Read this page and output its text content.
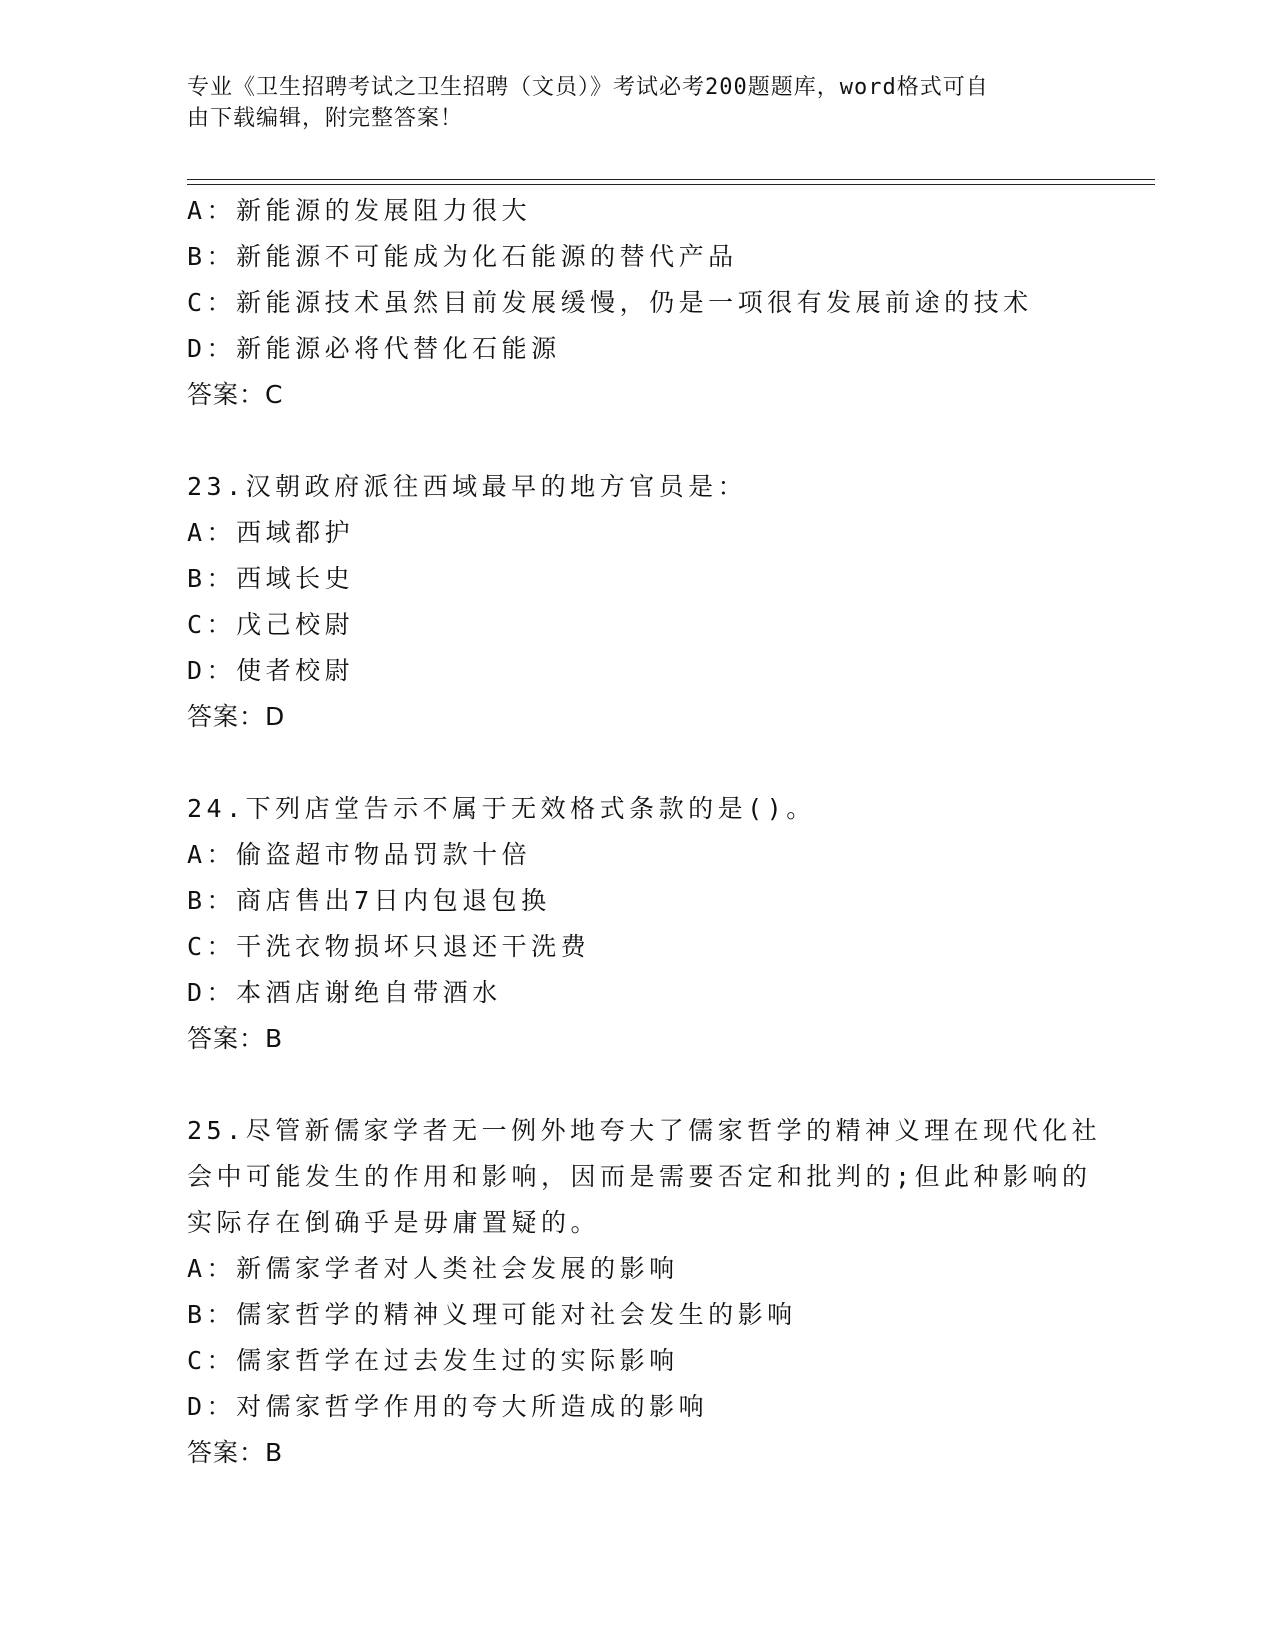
专业《卫生招聘考试之卫生招聘（文员）》考试必考200题题库，word格式可自
由下载编辑，附完整答案！
A：新能源的发展阻力很大
B：新能源不可能成为化石能源的替代产品
C：新能源技术虽然目前发展缓慢，仍是一项很有发展前途的技术
D：新能源必将代替化石能源
答案：C
23.汉朝政府派往西域最早的地方官员是：
A：西域都护
B：西域长史
C：戊己校尉
D：使者校尉
答案：D
24.下列店堂告示不属于无效格式条款的是()。
A：偷盗超市物品罚款十倍
B：商店售出7日内包退包换
C：干洗衣物损坏只退还干洗费
D：本酒店谢绝自带酒水
答案：B
25.尽管新儒家学者无一例外地夸大了儒家哲学的精神义理在现代化社
会中可能发生的作用和影响，因而是需要否定和批判的;但此种影响的
实际存在倒确乎是毋庸置疑的。
A：新儒家学者对人类社会发展的影响
B：儒家哲学的精神义理可能对社会发生的影响
C：儒家哲学在过去发生过的实际影响
D：对儒家哲学作用的夸大所造成的影响
答案：B
